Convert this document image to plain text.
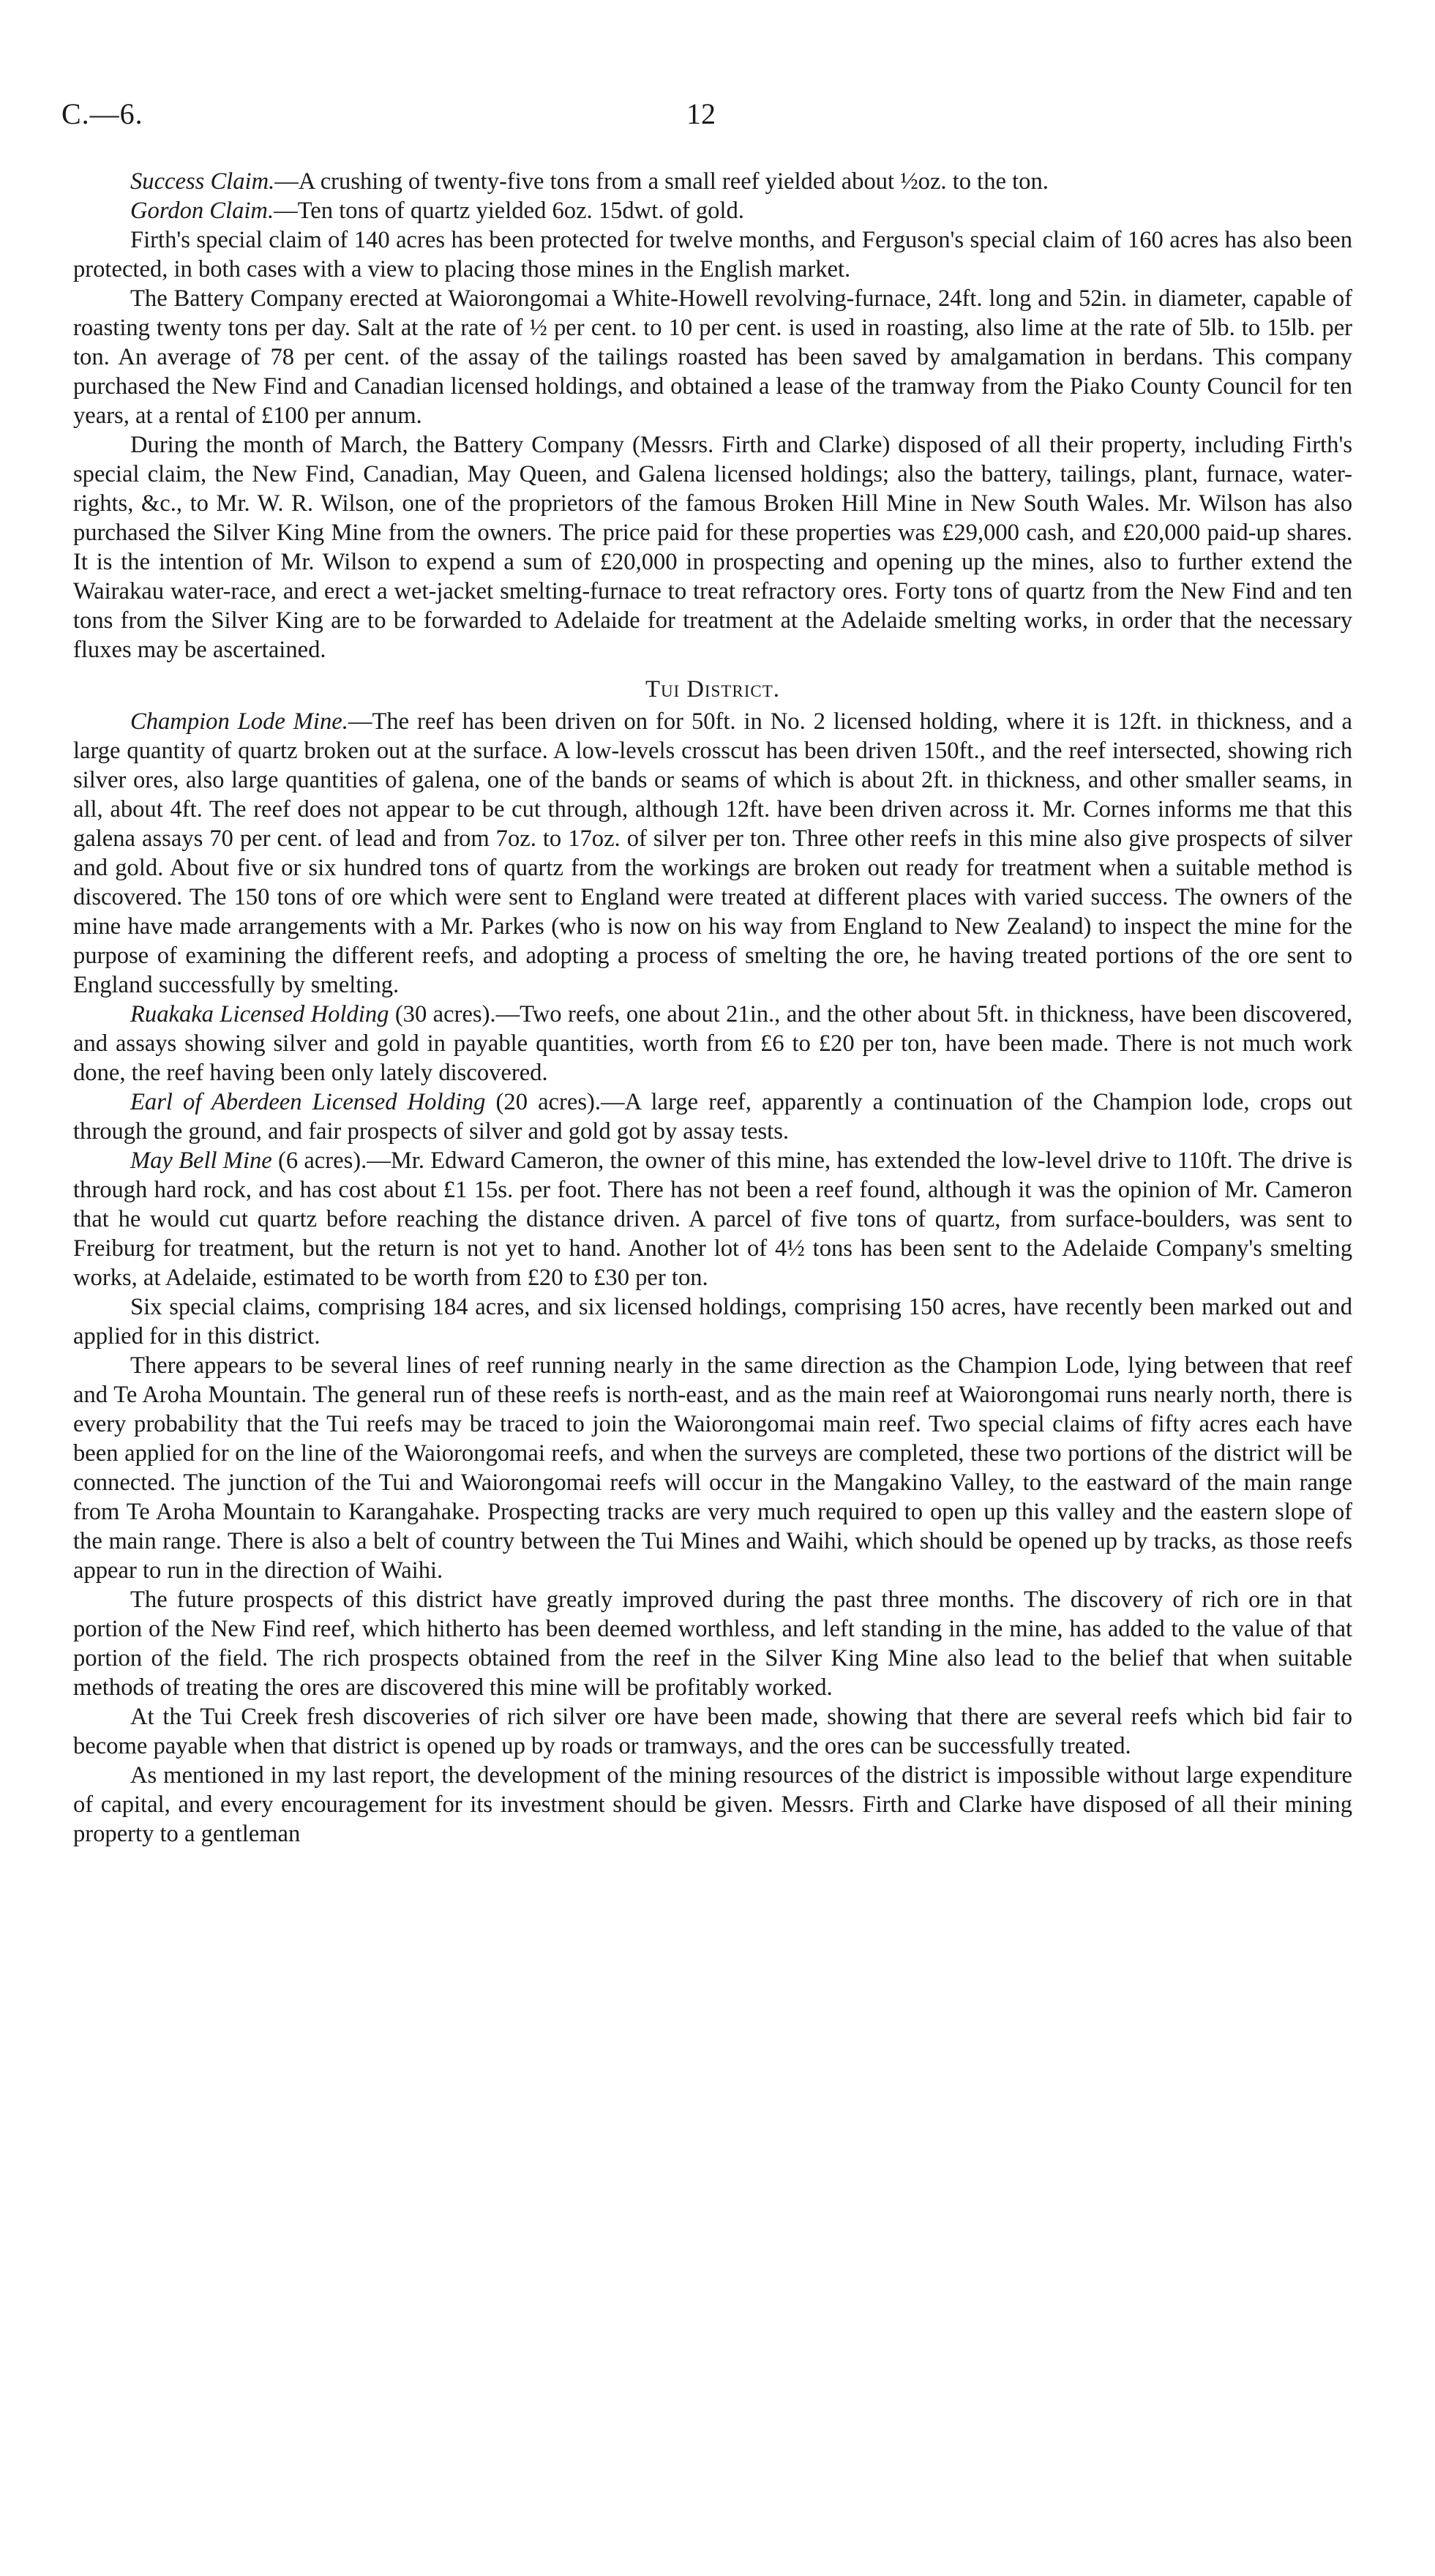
C.—6.	12

Success Claim.—A crushing of twenty-five tons from a small reef yielded about ½oz. to the ton.

Gordon Claim.—Ten tons of quartz yielded 6oz. 15dwt. of gold.

Firth's special claim of 140 acres has been protected for twelve months, and Ferguson's special claim of 160 acres has also been protected, in both cases with a view to placing those mines in the English market.

The Battery Company erected at Waiorongomai a White-Howell revolving-furnace, 24ft. long and 52in. in diameter, capable of roasting twenty tons per day. Salt at the rate of ½ per cent. to 10 per cent. is used in roasting, also lime at the rate of 5lb. to 15lb. per ton. An average of 78 per cent. of the assay of the tailings roasted has been saved by amalgamation in berdans. This company purchased the New Find and Canadian licensed holdings, and obtained a lease of the tramway from the Piako County Council for ten years, at a rental of £100 per annum.

During the month of March, the Battery Company (Messrs. Firth and Clarke) disposed of all their property, including Firth's special claim, the New Find, Canadian, May Queen, and Galena licensed holdings; also the battery, tailings, plant, furnace, water-rights, &c., to Mr. W. R. Wilson, one of the proprietors of the famous Broken Hill Mine in New South Wales. Mr. Wilson has also purchased the Silver King Mine from the owners. The price paid for these properties was £29,000 cash, and £20,000 paid-up shares. It is the intention of Mr. Wilson to expend a sum of £20,000 in prospecting and opening up the mines, also to further extend the Wairakau water-race, and erect a wet-jacket smelting-furnace to treat refractory ores. Forty tons of quartz from the New Find and ten tons from the Silver King are to be forwarded to Adelaide for treatment at the Adelaide smelting works, in order that the necessary fluxes may be ascertained.

Tui District.

Champion Lode Mine.—The reef has been driven on for 50ft. in No. 2 licensed holding, where it is 12ft. in thickness, and a large quantity of quartz broken out at the surface. A low-levels crosscut has been driven 150ft., and the reef intersected, showing rich silver ores, also large quantities of galena, one of the bands or seams of which is about 2ft. in thickness, and other smaller seams, in all, about 4ft. The reef does not appear to be cut through, although 12ft. have been driven across it. Mr. Cornes informs me that this galena assays 70 per cent. of lead and from 7oz. to 17oz. of silver per ton. Three other reefs in this mine also give prospects of silver and gold. About five or six hundred tons of quartz from the workings are broken out ready for treatment when a suitable method is discovered. The 150 tons of ore which were sent to England were treated at different places with varied success. The owners of the mine have made arrangements with a Mr. Parkes (who is now on his way from England to New Zealand) to inspect the mine for the purpose of examining the different reefs, and adopting a process of smelting the ore, he having treated portions of the ore sent to England successfully by smelting.

Ruakaka Licensed Holding (30 acres).—Two reefs, one about 21in., and the other about 5ft. in thickness, have been discovered, and assays showing silver and gold in payable quantities, worth from £6 to £20 per ton, have been made. There is not much work done, the reef having been only lately discovered.

Earl of Aberdeen Licensed Holding (20 acres).—A large reef, apparently a continuation of the Champion lode, crops out through the ground, and fair prospects of silver and gold got by assay tests.

May Bell Mine (6 acres).—Mr. Edward Cameron, the owner of this mine, has extended the low-level drive to 110ft. The drive is through hard rock, and has cost about £1 15s. per foot. There has not been a reef found, although it was the opinion of Mr. Cameron that he would cut quartz before reaching the distance driven. A parcel of five tons of quartz, from surface-boulders, was sent to Freiburg for treatment, but the return is not yet to hand. Another lot of 4½ tons has been sent to the Adelaide Company's smelting works, at Adelaide, estimated to be worth from £20 to £30 per ton.

Six special claims, comprising 184 acres, and six licensed holdings, comprising 150 acres, have recently been marked out and applied for in this district.

There appears to be several lines of reef running nearly in the same direction as the Champion Lode, lying between that reef and Te Aroha Mountain. The general run of these reefs is north-east, and as the main reef at Waiorongomai runs nearly north, there is every probability that the Tui reefs may be traced to join the Waiorongomai main reef. Two special claims of fifty acres each have been applied for on the line of the Waiorongomai reefs, and when the surveys are completed, these two portions of the district will be connected. The junction of the Tui and Waiorongomai reefs will occur in the Mangakino Valley, to the eastward of the main range from Te Aroha Mountain to Karangahake. Prospecting tracks are very much required to open up this valley and the eastern slope of the main range. There is also a belt of country between the Tui Mines and Waihi, which should be opened up by tracks, as those reefs appear to run in the direction of Waihi.

The future prospects of this district have greatly improved during the past three months. The discovery of rich ore in that portion of the New Find reef, which hitherto has been deemed worthless, and left standing in the mine, has added to the value of that portion of the field. The rich prospects obtained from the reef in the Silver King Mine also lead to the belief that when suitable methods of treating the ores are discovered this mine will be profitably worked.

At the Tui Creek fresh discoveries of rich silver ore have been made, showing that there are several reefs which bid fair to become payable when that district is opened up by roads or tramways, and the ores can be successfully treated.

As mentioned in my last report, the development of the mining resources of the district is impossible without large expenditure of capital, and every encouragement for its investment should be given. Messrs. Firth and Clarke have disposed of all their mining property to a gentleman
